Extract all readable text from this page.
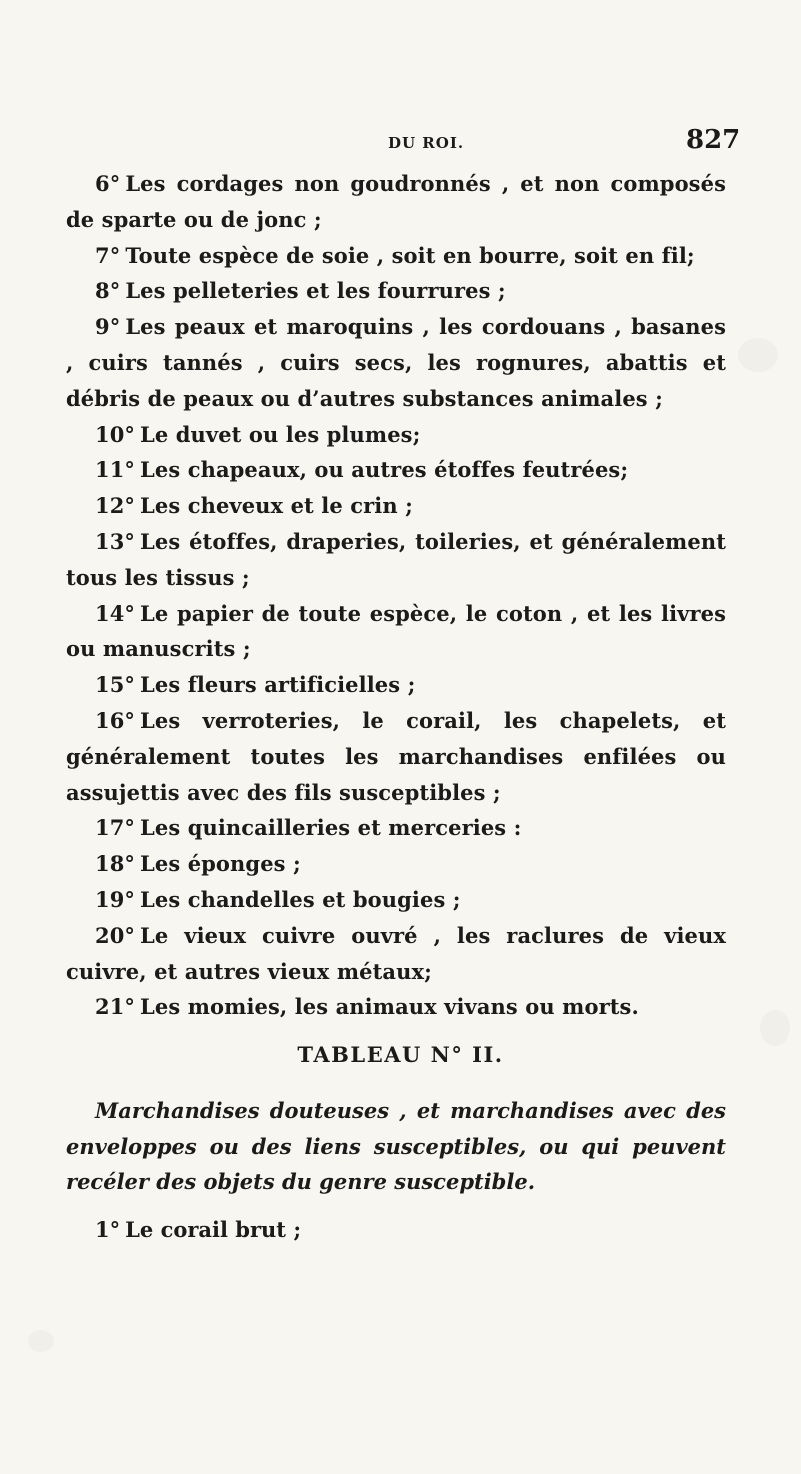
DU ROI.	827

6° Les cordages non goudronnés , et non composés de sparte ou de jonc ;

7° Toute espèce de soie , soit en bourre, soit en fil;

8° Les pelleteries et les fourrures ;

9° Les peaux et maroquins , les cordouans , basanes , cuirs tannés , cuirs secs, les rognures, abattis et débris de peaux ou d’autres substances animales ;

10° Le duvet ou les plumes;

11° Les chapeaux, ou autres étoffes feutrées;

12° Les cheveux et le crin ;

13° Les étoffes, draperies, toileries, et généralement tous les tissus ;

14° Le papier de toute espèce, le coton , et les livres ou manuscrits ;

15° Les fleurs artificielles ;

16° Les verroteries, le corail, les chapelets, et généralement toutes les marchandises enfilées ou assujettis avec des fils susceptibles ;

17° Les quincailleries et merceries :

18° Les éponges ;

19° Les chandelles et bougies ;

20° Le vieux cuivre ouvré , les raclures de vieux cuivre, et autres vieux métaux;

21° Les momies, les animaux vivans ou morts.

TABLEAU N° II.

Marchandises douteuses , et marchandises avec des enveloppes ou des liens susceptibles, ou qui peuvent recéler des objets du genre susceptible.

1° Le corail brut ;
